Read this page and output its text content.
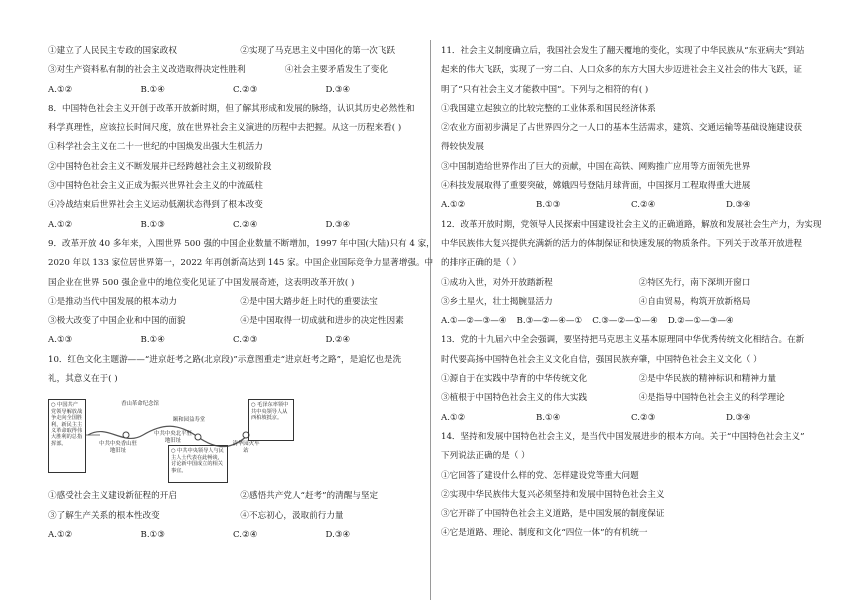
①建立了人民民主专政的国家政权	②实现了马克思主义中国化的第一次飞跃
③对生产资料私有制的社会主义改造取得决定性胜利	④社会主要矛盾发生了变化
A.①②	B.①④	C.②③	D.③④
8．中国特色社会主义开创于改革开放新时期，但了解其形成和发展的脉络，认识其历史必然性和
科学真理性，应该拉长时间尺度，放在世界社会主义演进的历程中去把握。从这一历程来看( )
①科学社会主义在二十一世纪的中国焕发出强大生机活力
②中国特色社会主义不断发展并已经跨越社会主义初级阶段
③中国特色社会主义正成为振兴世界社会主义的中流砥柱
④冷战结束后世界社会主义运动低潮状态得到了根本改变
A.①②	B.①③	C.②④	D.③④
9．改革开放 40 多年来，入围世界 500 强的中国企业数量不断增加，1997 年中国(大陆)只有 4 家，
2020 年以 133 家位居世界第一，2022 年再创新高达到 145 家。中国企业国际竞争力显著增强。中
国企业在世界 500 强企业中的地位变化见证了中国发展奇迹，这表明改革开放( )
①是推动当代中国发展的根本动力	②是中国大踏步赶上时代的重要法宝
③极大改变了中国企业和中国的面貌	④是中国取得一切成就和进步的决定性因素
A.①③	B.①④	C.②③	D.②④
10．红色文化主题游——“进京赶考之路(北京段)”示意图重走“进京赶考之路”，是追忆也是洗
礼，其意义在于( )
○ 中国共产党领导解放战争走向全国胜利，新民主主义革命取得伟大胜利的总指挥部。
香山革命纪念馆
中共中央香山驻地旧址
颐和园益寿堂
清华园火车站
中共中央北平驻地旧址
○ 中共中央领导人与民主人士代表在此畅谈，讨论新中国成立的相关事宜。
○ 毛泽东率领中共中央领导人从西柏坡抵京。
①感受社会主义建设新征程的开启	②感悟共产党人“赶考”的清醒与坚定
③了解生产关系的根本性改变	④不忘初心，汲取前行力量
A.①②	B.①③	C.②④	D.③④
11．社会主义制度确立后，我国社会发生了翻天覆地的变化，实现了中华民族从“东亚病夫”到站
起来的伟大飞跃，实现了一穷二白、人口众多的东方大国大步迈进社会主义社会的伟大飞跃，证
明了“只有社会主义才能救中国”。下列与之相符的有( )
①我国建立起独立的比较完整的工业体系和国民经济体系
②农业方面初步满足了占世界四分之一人口的基本生活需求，建筑、交通运输等基础设施建设获
得较快发展
③中国制造给世界作出了巨大的贡献，中国在高铁、网购推广应用等方面领先世界
④科技发展取得了重要突破，嫦娥四号登陆月球背面，中国探月工程取得重大进展
A.①②	B.①③	C.②④	D.③④
12．改革开放时期，党领导人民探索中国建设社会主义的正确道路，解放和发展社会生产力，为实现
中华民族伟大复兴提供充满新的活力的体制保证和快速发展的物质条件。下列关于改革开放进程
的排序正确的是（ ）
①成功入世，对外开放踏新程	②特区先行，南下深圳开窗口
③乡土星火，壮士揭腕显活力	④自由贸易，构筑开放新格局
A.①—②—③—④ B.③—②—④—① C.③—②—①—④ D.②—①—③—④
13．党的十九届六中全会强调，要坚持把马克思主义基本原理同中华优秀传统文化相结合。在新
时代要高扬中国特色社会主义文化自信，强国民族弃肇，中国特色社会主义文化（ ）
①源自于在实践中孕育的中华传统文化	②是中华民族的精神标识和精神力量
③植根于中国特色社会主义的伟大实践	④是指导中国特色社会主义的科学理论
A.①②	B.①④	C.②③	D.③④
14．坚持和发展中国特色社会主义，是当代中国发展进步的根本方向。关于“中国特色社会主义”
下列说法正确的是（ ）
①它回答了建设什么样的党、怎样建设党等重大问题
②实现中华民族伟大复兴必须坚持和发展中国特色社会主义
③它开辟了中国特色社会主义道路，是中国发展的制度保证
④它是道路、理论、制度和文化“四位一体”的有机统一
